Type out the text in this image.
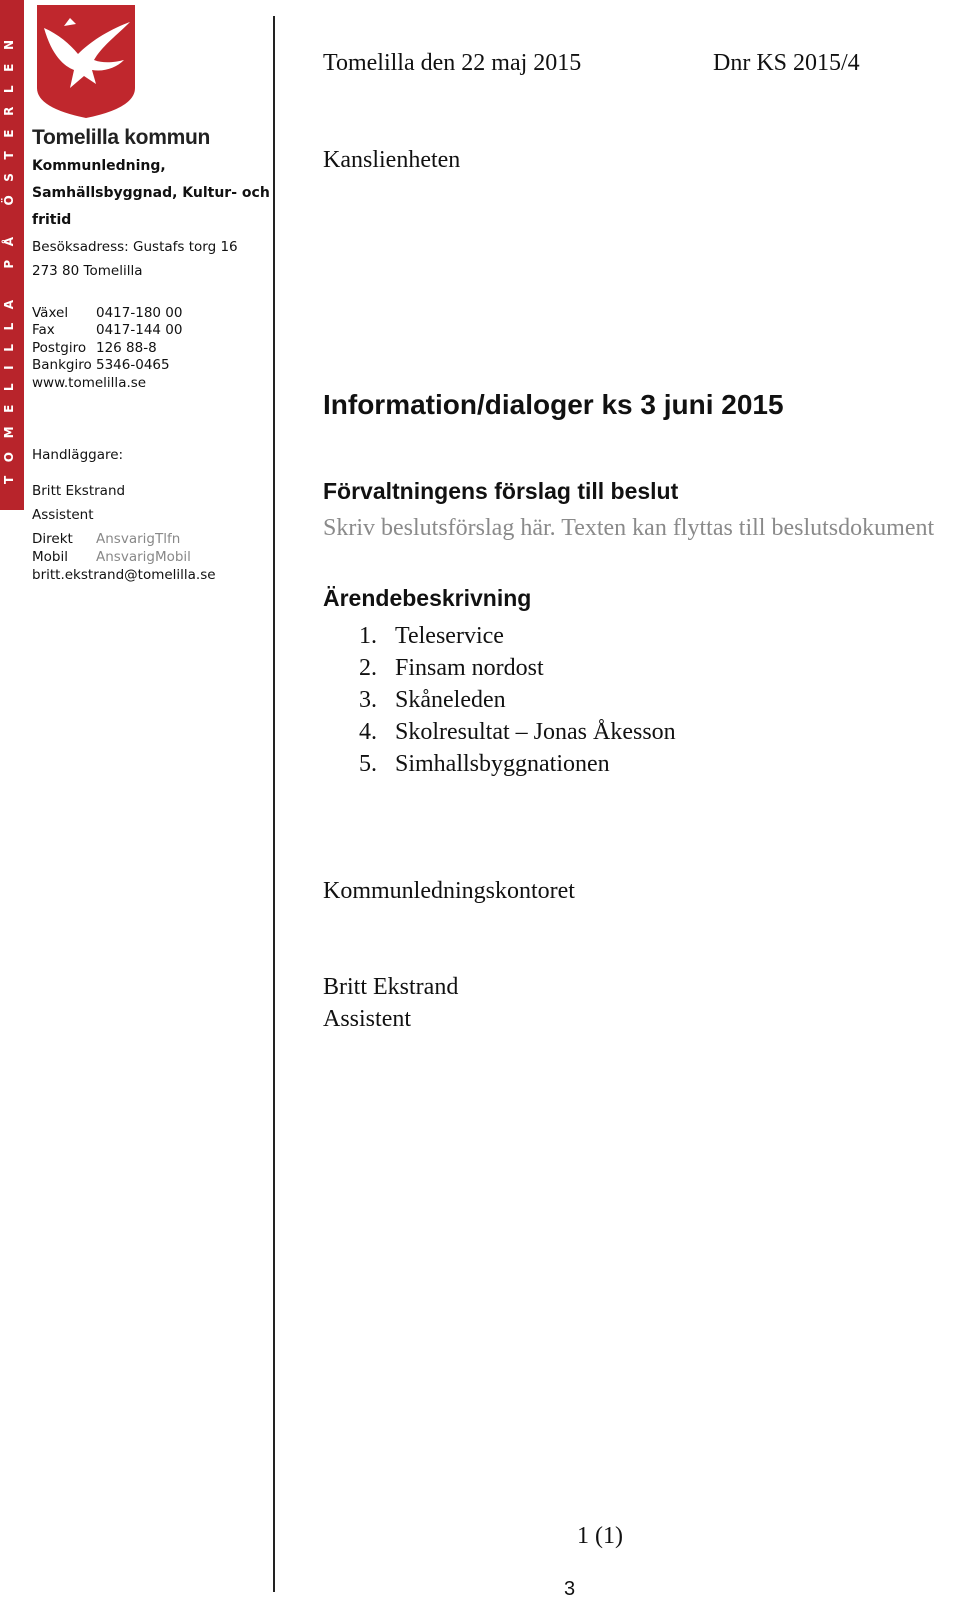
TOMELILLA PÅ ÖSTERLEN Tomelilla kommun
Kommunledning,
Samhällsbyggnad, Kultur- och
fritid
Besöksadress: Gustafs torg 16
273 80 Tomelilla
Växel 0417-180 00
Fax	0417-144 00
Postgiro 126 88-8
Bankgiro 5346-0465
www.tomelilla.se
Handläggare:
Britt Ekstrand
Assistent
Direkt AnsvarigTlfn
Mobil AnsvarigMobil
britt.ekstrand@tomelilla.se
Tomelilla den 22 maj 2015	Dnr KS 2015/4
Kanslienheten
Information/dialoger ks 3 juni 2015
Förvaltningens förslag till beslut
Skriv beslutsförslag här. Texten kan flyttas till beslutsdokument
Ärendebeskrivning
1. Teleservice
2. Finsam nordost
3. Skåneleden
4. Skolresultat – Jonas Åkesson
5. Simhallsbyggnationen
Kommunledningskontoret
Britt Ekstrand
Assistent
1 (1)
3
